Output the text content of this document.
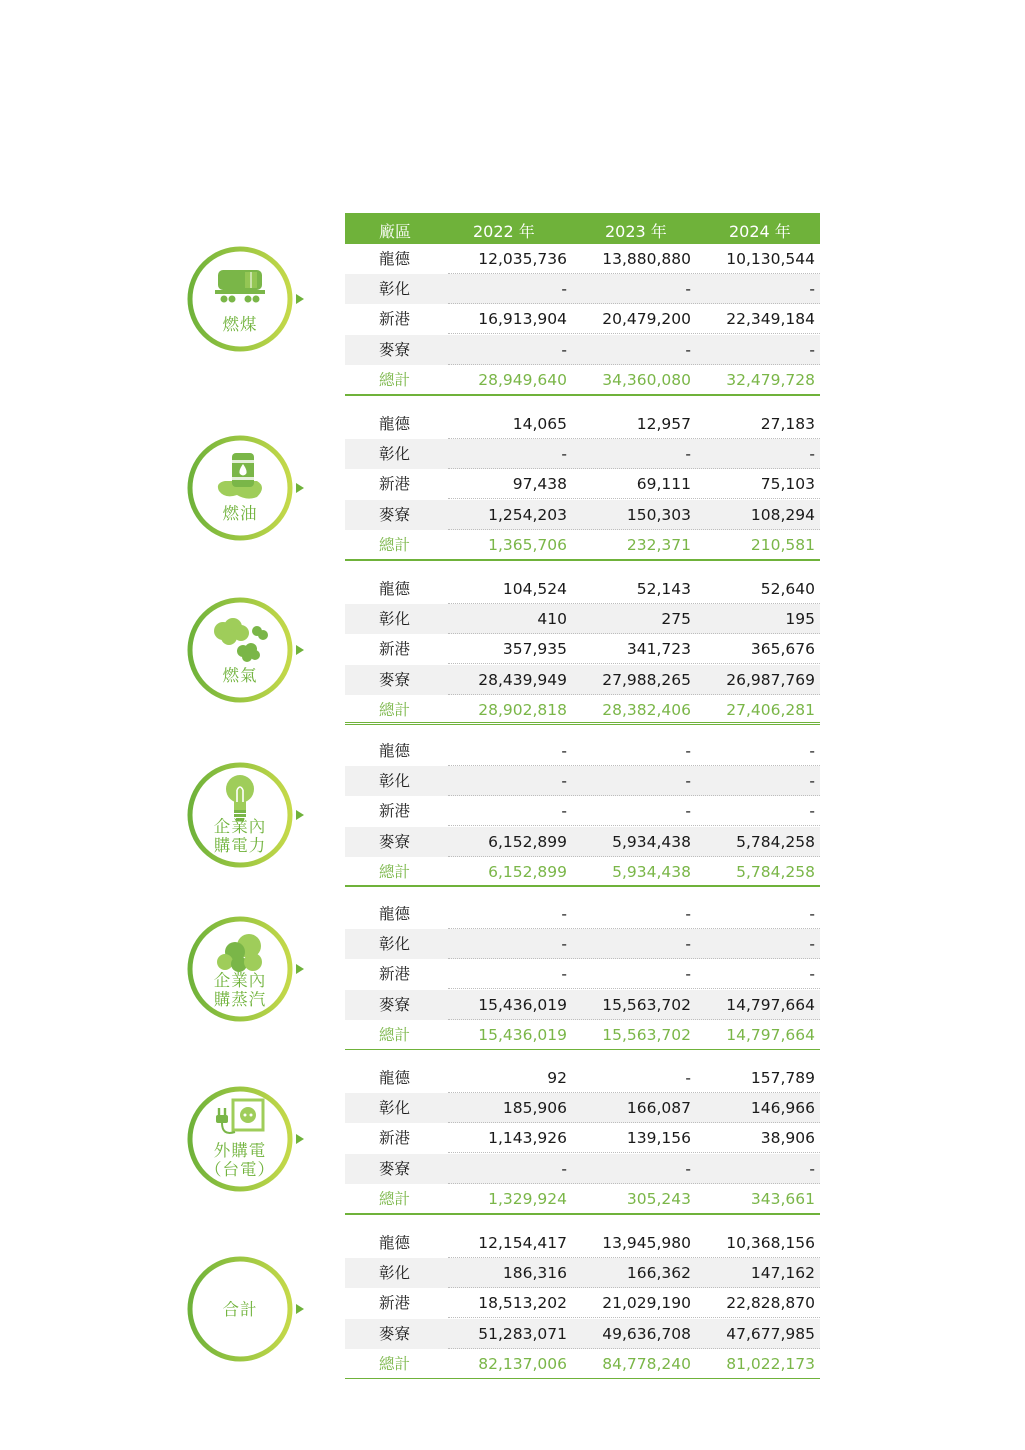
廠區	2022 年	2023 年	2024 年
龍德	12,035,736 13,880,880 10,130,544
彰化	-	-	-
新港	16,913,904 20,479,200 22,349,184
麥寮	-	-	-
總計	28,949,640 34,360,080 32,479,728
燃煤
龍德	14,065	12,957	27,183
彰化	-	-	-
新港	97,438	69,111	75,103
麥寮	1,254,203	150,303	108,294
總計	1,365,706	232,371	210,581
燃油
龍德	104,524	52,143	52,640
彰化	410	275	195
新港	357,935	341,723	365,676
麥寮	28,439,949 27,988,265 26,987,769
總計	28,902,818 28,382,406 27,406,281
燃氣
龍德	-	-	-
彰化	-	-	-
新港	-	-	-
麥寮	6,152,899	5,934,438	5,784,258
總計	6,152,899	5,934,438	5,784,258
企業內
購電力
龍德	-	-	-
彰化	-	-	-
新港	-	-	-
麥寮	15,436,019 15,563,702 14,797,664
總計	15,436,019 15,563,702 14,797,664
企業內
購蒸汽
龍德	92	-	157,789
彰化	185,906	166,087	146,966
新港	1,143,926	139,156	38,906
麥寮	-	-	-
總計	1,329,924	305,243	343,661
外購電
（台電）
龍德	12,154,417 13,945,980 10,368,156
彰化	186,316	166,362	147,162
新港	18,513,202 21,029,190 22,828,870
麥寮	51,283,071 49,636,708 47,677,985
總計	82,137,006 84,778,240 81,022,173
合計
